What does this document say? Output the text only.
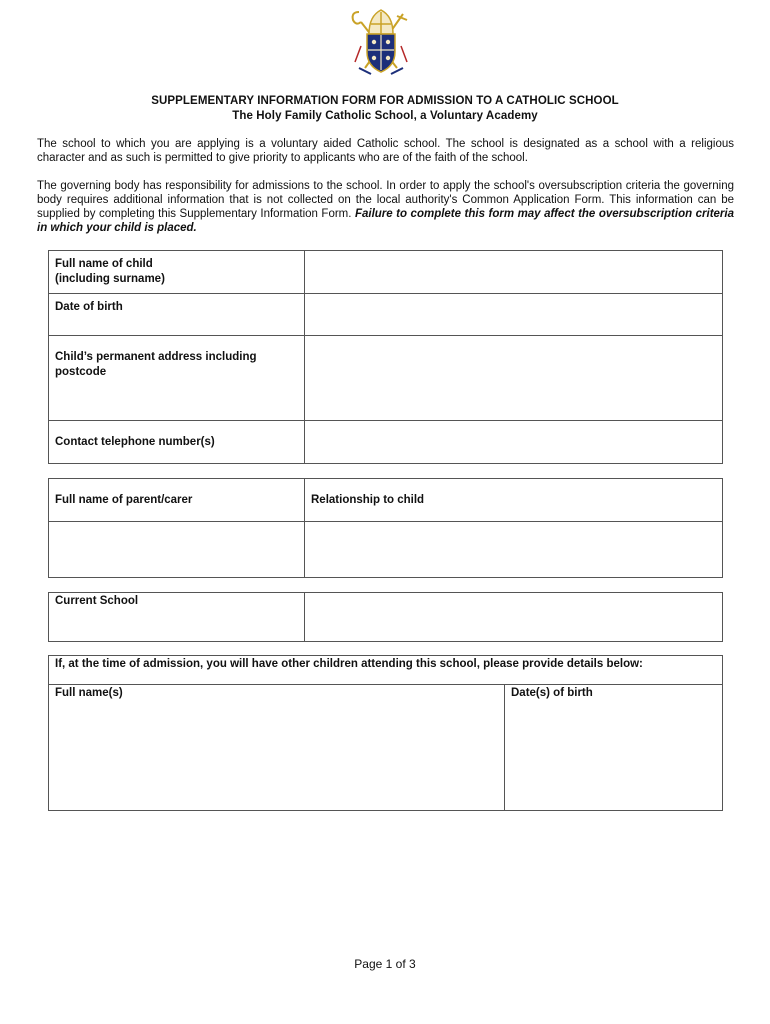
SUPPLEMENTARY INFORMATION FORM FOR ADMISSION TO A CATHOLIC SCHOOL
The Holy Family Catholic School, a Voluntary Academy
The school to which you are applying is a voluntary aided Catholic school. The school is designated as a school with a religious character and as such is permitted to give priority to applicants who are of the faith of the school.
The governing body has responsibility for admissions to the school. In order to apply the school's oversubscription criteria the governing body requires additional information that is not collected on the local authority's Common Application Form. This information can be supplied by completing this Supplementary Information Form. Failure to complete this form may affect the oversubscription criteria in which your child is placed.
Full name of child
(including surname)	

Date of birth	

Child’s permanent address including
postcode	

Contact telephone number(s)	

Full name of parent/carer	Relationship to child

Current School

If, at the time of admission, you will have other children attending this school, please provide details below:

Full name(s)	Date(s) of birth
Page 1 of 3
